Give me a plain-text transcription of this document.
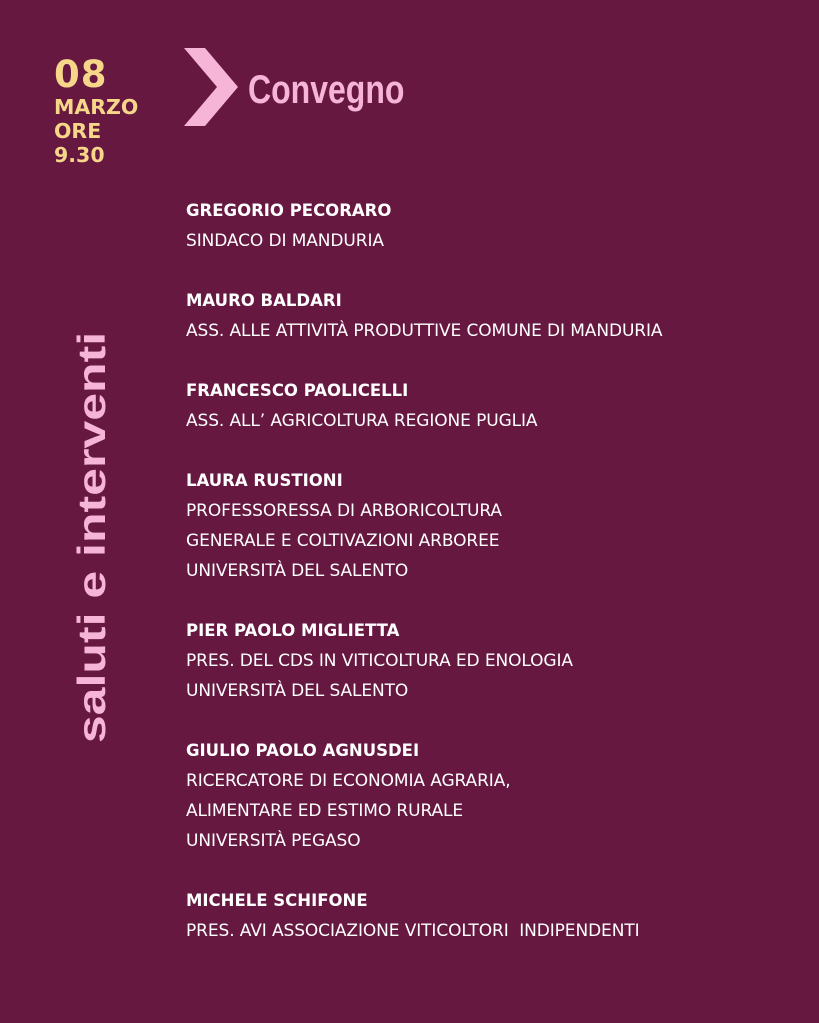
08
MARZO
ORE
9.30
Convegno
saluti e interventi
GREGORIO PECORARO
SINDACO DI MANDURIA
MAURO BALDARI
ASS. ALLE ATTIVITÀ PRODUTTIVE COMUNE DI MANDURIA
FRANCESCO PAOLICELLI
ASS. ALL’ AGRICOLTURA REGIONE PUGLIA
LAURA RUSTIONI
PROFESSORESSA DI ARBORICOLTURA
GENERALE E COLTIVAZIONI ARBOREE
UNIVERSITÀ DEL SALENTO
PIER PAOLO MIGLIETTA
PRES. DEL CDS IN VITICOLTURA ED ENOLOGIA
UNIVERSITÀ DEL SALENTO
GIULIO PAOLO AGNUSDEI
RICERCATORE DI ECONOMIA AGRARIA,
ALIMENTARE ED ESTIMO RURALE
UNIVERSITÀ PEGASO
MICHELE SCHIFONE
PRES. AVI ASSOCIAZIONE VITICOLTORI  INDIPENDENTI
